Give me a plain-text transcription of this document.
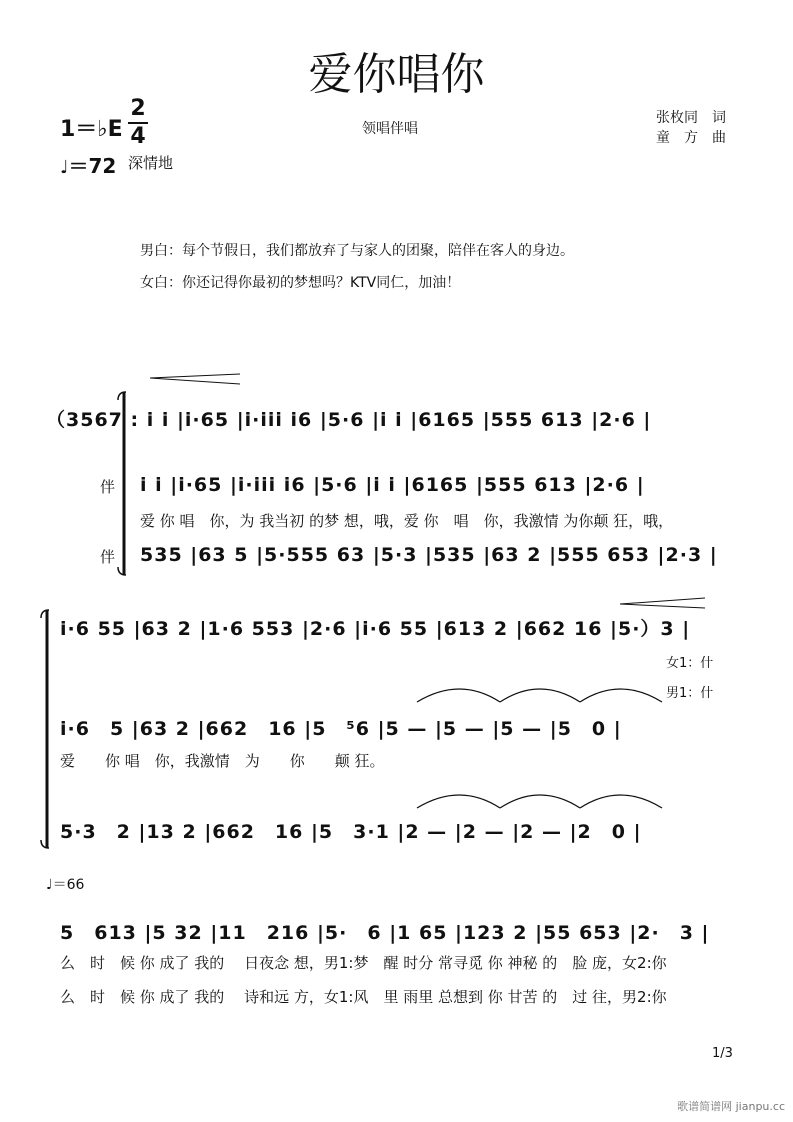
爱你唱你
1＝♭E
2
4
♩＝72 深情地
领唱伴唱
张枚同　词
童　方　曲
男白：每个节假日，我们都放弃了与家人的团聚，陪伴在客人的身边。
女白：你还记得你最初的梦想吗？KTV同仁，加油！
（3567 : i i |i·65 |i·iii i6 |5·6 |i i |6165 |555 613 |2·6 |
伴 i i |i·65 |i·iii i6 |5·6 |i i |6165 |555 613 |2·6 |
爱 你 唱　你，为 我当初 的梦 想，哦，爱 你　唱　你，我激情 为你颠 狂，哦，
伴 535 |63 5 |5·555 63 |5·3 |535 |63 2 |555 653 |2·3 |
i·6 55 |63 2 |1·6 553 |2·6 |i·6 55 |613 2 |662 16 |5·）3 |
女1：什
男1：什
i·6　5 |63 2 |662　16 |5　⁵6 |5 — |5 — |5 — |5　0 |
爱　　你 唱　你，我激情　为　　你　　颠 狂。
5·3　2 |13 2 |662　16 |5　3·1 |2 — |2 — |2 — |2　0 |
♩＝66
5　613 |5 32 |11　216 |5·　6 |1 65 |123 2 |55 653 |2·　3 |
么　时　候 你 成了 我的　 日夜念 想，男1:梦　醒 时分 常寻觅 你 神秘 的　脸 庞，女2:你
么　时　候 你 成了 我的　 诗和远 方，女1:风　里 雨里 总想到 你 甘苦 的　过 往，男2:你
1/3
歌谱简谱网 jianpu.cc
